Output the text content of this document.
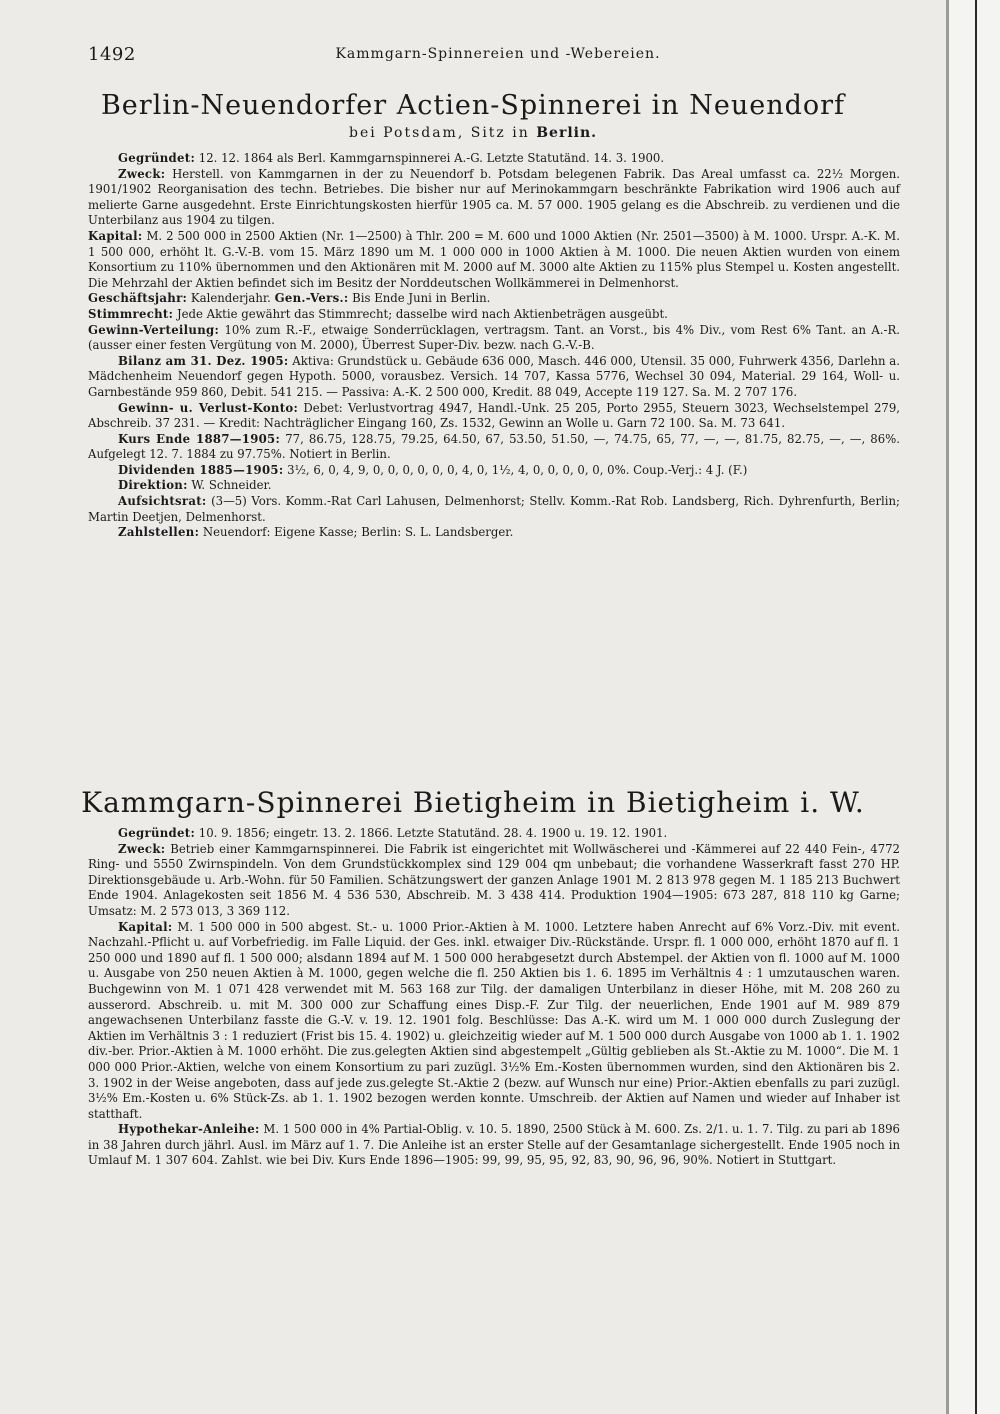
1492	Kammgarn-Spinnereien und -Webereien.
Berlin-Neuendorfer Actien-Spinnerei in Neuendorf
bei Potsdam, Sitz in Berlin.

Gegründet: 12. 12. 1864 als Berl. Kammgarnspinnerei A.-G. Letzte Statutänd. 14. 3. 1900.

Zweck: Herstell. von Kammgarnen in der zu Neuendorf b. Potsdam belegenen Fabrik. Das Areal umfasst ca. 22½ Morgen. 1901/1902 Reorganisation des techn. Betriebes. Die bisher nur auf Merinokammgarn beschränkte Fabrikation wird 1906 auch auf melierte Garne ausgedehnt. Erste Einrichtungskosten hierfür 1905 ca. M. 57 000. 1905 gelang es die Abschreib. zu verdienen und die Unterbilanz aus 1904 zu tilgen.

Kapital: M. 2 500 000 in 2500 Aktien (Nr. 1—2500) à Thlr. 200 = M. 600 und 1000 Aktien (Nr. 2501—3500) à M. 1000. Urspr. A.-K. M. 1 500 000, erhöht lt. G.-V.-B. vom 15. März 1890 um M. 1 000 000 in 1000 Aktien à M. 1000. Die neuen Aktien wurden von einem Konsortium zu 110% übernommen und den Aktionären mit M. 2000 auf M. 3000 alte Aktien zu 115% plus Stempel u. Kosten angestellt. Die Mehrzahl der Aktien befindet sich im Besitz der Norddeutschen Wollkämmerei in Delmenhorst.

Geschäftsjahr: Kalenderjahr. Gen.-Vers.: Bis Ende Juni in Berlin.

Stimmrecht: Jede Aktie gewährt das Stimmrecht; dasselbe wird nach Aktienbeträgen ausgeübt.

Gewinn-Verteilung: 10% zum R.-F., etwaige Sonderrücklagen, vertragsm. Tant. an Vorst., bis 4% Div., vom Rest 6% Tant. an A.-R. (ausser einer festen Vergütung von M. 2000), Überrest Super-Div. bezw. nach G.-V.-B.

Bilanz am 31. Dez. 1905: Aktiva: Grundstück u. Gebäude 636 000, Masch. 446 000, Utensil. 35 000, Fuhrwerk 4356, Darlehn a. Mädchenheim Neuendorf gegen Hypoth. 5000, vorausbez. Versich. 14 707, Kassa 5776, Wechsel 30 094, Material. 29 164, Woll- u. Garnbestände 959 860, Debit. 541 215. — Passiva: A.-K. 2 500 000, Kredit. 88 049, Accepte 119 127. Sa. M. 2 707 176.

Gewinn- u. Verlust-Konto: Debet: Verlustvortrag 4947, Handl.-Unk. 25 205, Porto 2955, Steuern 3023, Wechselstempel 279, Abschreib. 37 231. — Kredit: Nachträglicher Eingang 160, Zs. 1532, Gewinn an Wolle u. Garn 72 100. Sa. M. 73 641.

Kurs Ende 1887—1905: 77, 86.75, 128.75, 79.25, 64.50, 67, 53.50, 51.50, —, 74.75, 65, 77, —, —, 81.75, 82.75, —, —, 86%. Aufgelegt 12. 7. 1884 zu 97.75%. Notiert in Berlin.

Dividenden 1885—1905: 3½, 6, 0, 4, 9, 0, 0, 0, 0, 0, 0, 4, 0, 1½, 4, 0, 0, 0, 0, 0, 0%. Coup.-Verj.: 4 J. (F.)

Direktion: W. Schneider.

Aufsichtsrat: (3—5) Vors. Komm.-Rat Carl Lahusen, Delmenhorst; Stellv. Komm.-Rat Rob. Landsberg, Rich. Dyhrenfurth, Berlin; Martin Deetjen, Delmenhorst.

Zahlstellen: Neuendorf: Eigene Kasse; Berlin: S. L. Landsberger.

Kammgarn-Spinnerei Bietigheim in Bietigheim i. W.

Gegründet: 10. 9. 1856; eingetr. 13. 2. 1866. Letzte Statutänd. 28. 4. 1900 u. 19. 12. 1901.

Zweck: Betrieb einer Kammgarnspinnerei. Die Fabrik ist eingerichtet mit Wollwäscherei und -Kämmerei auf 22 440 Fein-, 4772 Ring- und 5550 Zwirnspindeln. Von dem Grundstückkomplex sind 129 004 qm unbebaut; die vorhandene Wasserkraft fasst 270 HP. Direktionsgebäude u. Arb.-Wohn. für 50 Familien. Schätzungswert der ganzen Anlage 1901 M. 2 813 978 gegen M. 1 185 213 Buchwert Ende 1904. Anlagekosten seit 1856 M. 4 536 530, Abschreib. M. 3 438 414. Produktion 1904—1905: 673 287, 818 110 kg Garne; Umsatz: M. 2 573 013, 3 369 112.

Kapital: M. 1 500 000 in 500 abgest. St.- u. 1000 Prior.-Aktien à M. 1000. Letztere haben Anrecht auf 6% Vorz.-Div. mit event. Nachzahl.-Pflicht u. auf Vorbefriedig. im Falle Liquid. der Ges. inkl. etwaiger Div.-Rückstände. Urspr. fl. 1 000 000, erhöht 1870 auf fl. 1 250 000 und 1890 auf fl. 1 500 000; alsdann 1894 auf M. 1 500 000 herabgesetzt durch Abstempel. der Aktien von fl. 1000 auf M. 1000 u. Ausgabe von 250 neuen Aktien à M. 1000, gegen welche die fl. 250 Aktien bis 1. 6. 1895 im Verhältnis 4 : 1 umzutauschen waren. Buchgewinn von M. 1 071 428 verwendet mit M. 563 168 zur Tilg. der damaligen Unterbilanz in dieser Höhe, mit M. 208 260 zu ausserord. Abschreib. u. mit M. 300 000 zur Schaffung eines Disp.-F. Zur Tilg. der neuerlichen, Ende 1901 auf M. 989 879 angewachsenen Unterbilanz fasste die G.-V. v. 19. 12. 1901 folg. Beschlüsse: Das A.-K. wird um M. 1 000 000 durch Zuslegung der Aktien im Verhältnis 3 : 1 reduziert (Frist bis 15. 4. 1902) u. gleichzeitig wieder auf M. 1 500 000 durch Ausgabe von 1000 ab 1. 1. 1902 div.-ber. Prior.-Aktien à M. 1000 erhöht. Die zus.gelegten Aktien sind abgestempelt „Gültig geblieben als St.-Aktie zu M. 1000“. Die M. 1 000 000 Prior.-Aktien, welche von einem Konsortium zu pari zuzügl. 3½% Em.-Kosten übernommen wurden, sind den Aktionären bis 2. 3. 1902 in der Weise angeboten, dass auf jede zus.gelegte St.-Aktie 2 (bezw. auf Wunsch nur eine) Prior.-Aktien ebenfalls zu pari zuzügl. 3½% Em.-Kosten u. 6% Stück-Zs. ab 1. 1. 1902 bezogen werden konnte. Umschreib. der Aktien auf Namen und wieder auf Inhaber ist statthaft.

Hypothekar-Anleihe: M. 1 500 000 in 4% Partial-Oblig. v. 10. 5. 1890, 2500 Stück à M. 600. Zs. 2/1. u. 1. 7. Tilg. zu pari ab 1896 in 38 Jahren durch jährl. Ausl. im März auf 1. 7. Die Anleihe ist an erster Stelle auf der Gesamtanlage sichergestellt. Ende 1905 noch in Umlauf M. 1 307 604. Zahlst. wie bei Div. Kurs Ende 1896—1905: 99, 99, 95, 95, 92, 83, 90, 96, 96, 90%. Notiert in Stuttgart.
